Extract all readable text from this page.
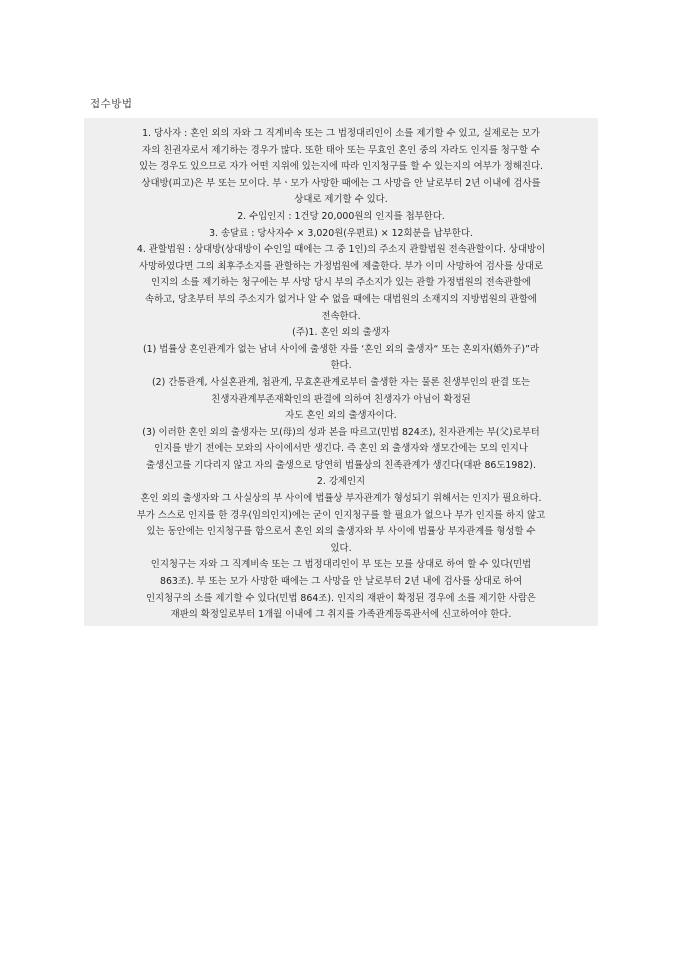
접수방법
1. 당사자 : 혼인 외의 자와 그 직계비속 또는 그 법정대리인이 소를 제기할 수 있고, 실제로는 모가
자의 친권자로서 제기하는 경우가 많다. 또한 태아 또는 무효인 혼인 중의 자라도 인지를 청구할 수
있는 경우도 있으므로 자가 어떤 지위에 있는지에 따라 인지청구를 할 수 있는지의 여부가 정해진다.
상대방(피고)은 부 또는 모이다. 부ㆍ모가 사망한 때에는 그 사망을 안 날로부터 2년 이내에 검사를
상대로 제기할 수 있다.
2. 수입인지 : 1건당 20,000원의 인지를 첩부한다.
3. 송달료 : 당사자수 × 3,020원(우편료) × 12회분을 납부한다.
4. 관할법원 : 상대방(상대방이 수인일 때에는 그 중 1인)의 주소지 관할법원 전속관할이다. 상대방이
사망하였다면 그의 최후주소지를 관할하는 가정법원에 제출한다. 부가 이미 사망하여 검사를 상대로
인지의 소를 제기하는 청구에는 부 사망 당시 부의 주소지가 있는 관할 가정법원의 전속관할에
속하고, 당초부터 부의 주소지가 없거나 알 수 없을 때에는 대법원의 소재지의 지방법원의 관할에
전속한다.
(주)1. 혼인 외의 출생자
(1) 법률상 혼인관계가 없는 남녀 사이에 출생한 자를 ‘혼인 외의 출생자“ 또는 혼외자(婚外子)”라
한다.
(2) 간통관계, 사실혼관계, 첩관계, 무효혼관계로부터 출생한 자는 물론 친생부인의 판결 또는
친생자관계부존재확인의 판결에 의하여 친생자가 아님이 확정된
자도 혼인 외의 출생자이다.
(3) 이러한 혼인 외의 출생자는 모(母)의 성과 본을 따르고(민법 824조), 친자관계는 부(父)로부터
인지를 받기 전에는 모와의 사이에서만 생긴다. 즉 혼인 외 출생자와 생모간에는 모의 인지나
출생신고를 기다리지 않고 자의 출생으로 당연히 법률상의 친족관계가 생긴다(대판 86도1982).
2. 강제인지
혼인 외의 출생자와 그 사실상의 부 사이에 법률상 부자관계가 형성되기 위해서는 인지가 필요하다.
부가 스스로 인지를 한 경우(임의인지)에는 굳이 인지청구를 할 필요가 없으나 부가 인지를 하지 않고
있는 동안에는 인지청구를 함으로서 혼인 외의 출생자와 부 사이에 법률상 부자관계를 형성할 수
있다.
인지청구는 자와 그 직계비속 또는 그 법정대리인이 부 또는 모를 상대로 하여 할 수 있다(민법
863조). 부 또는 모가 사망한 때에는 그 사망을 안 날로부터 2년 내에 검사를 상대로 하여
인지청구의 소를 제기할 수 있다(민법 864조). 인지의 재판이 확정된 경우에 소를 제기한 사람은
재판의 확정일로부터 1개월 이내에 그 취지를 가족관계등록관서에 신고하여야 한다.
